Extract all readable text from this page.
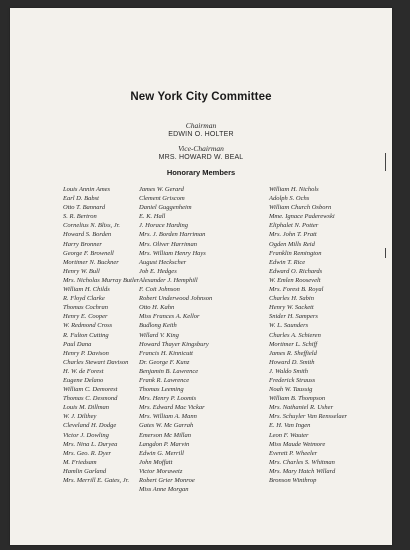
New York City Committee
Chairman
EDWIN O. HOLTER
Vice-Chairman
MRS. HOWARD W. BEAL
Honorary Members
Louis Annin Ames
Earl D. Babst
Otto T. Bannard
S. R. Bertron
Cornelius N. Bliss, Jr.
Howard S. Borden
Harry Bronner
George F. Brownell
Mortimer N. Buckner
Henry W. Bull
Mrs. Nicholas Murray Butler
William H. Childs
R. Floyd Clarke
Thomas Cochran
Henry E. Cooper
W. Redmond Cross
R. Fulton Cutting
Paul Dana
Henry P. Davison
Charles Stewart Davison
H. W. de Forest
Eugene Delano
William C. Demorest
Thomas C. Desmond
Louis M. Dillman
W. J. Dilthey
Cleveland H. Dodge
Victor J. Dowling
Mrs. Nina L. Duryea
Mrs. Geo. R. Dyer
M. Friedsam
Hamlin Garland
Mrs. Merrill E. Gates, Jr.
James W. Gerard
Clement Griscom
Daniel Guggenheim
E. K. Hall
J. Horace Harding
Mrs. J. Borden Harriman
Mrs. Oliver Harriman
Mrs. William Henry Hays
August Heckscher
Job E. Hedges
Alexander J. Hemphill
F. Coit Johnson
Robert Underwood Johnson
Otto H. Kahn
Miss Frances A. Kellor
Budlong Keith
Willard V. King
Howard Thayer Kingsbury
Francis H. Kinnicutt
Dr. George F. Kunz
Benjamin B. Lawrence
Frank R. Lawrence
Thomas Leeming
Mrs. Henry P. Loomis
Mrs. Edward Mac Vickar
Mrs. William A. Mann
Gates W. Mc Garrah
Emerson Mc Millan
Langdon P. Marvin
Edwin G. Merrill
John Moffatt
Victor Morawetz
Robert Grier Monroe
Miss Anne Morgan
William H. Nichols
Adolph S. Ochs
William Church Osborn
Mme. Ignace Paderewski
Eliphalet N. Potter
Mrs. John T. Pratt
Ogden Mills Reid
Franklin Remington
Edwin T. Rice
Edward O. Richards
W. Emlen Roosevelt
Mrs. Forest B. Royal
Charles H. Sabin
Henry W. Sackett
Snider H. Sampers
W. L. Saunders
Charles A. Schieren
Mortimer L. Schiff
James R. Sheffield
Howard D. Smith
J. Waldo Smith
Frederick Strauss
Noah W. Taussig
William B. Thompson
Mrs. Nathaniel R. Usher
Mrs. Schuyler Van Rensselaer
E. H. Van Ingen
Leon F. Wauter
Miss Maude Wetmore
Everett P. Wheeler
Mrs. Charles S. Whitman
Mrs. Mary Hatch Willard
Bronson Winthrop
